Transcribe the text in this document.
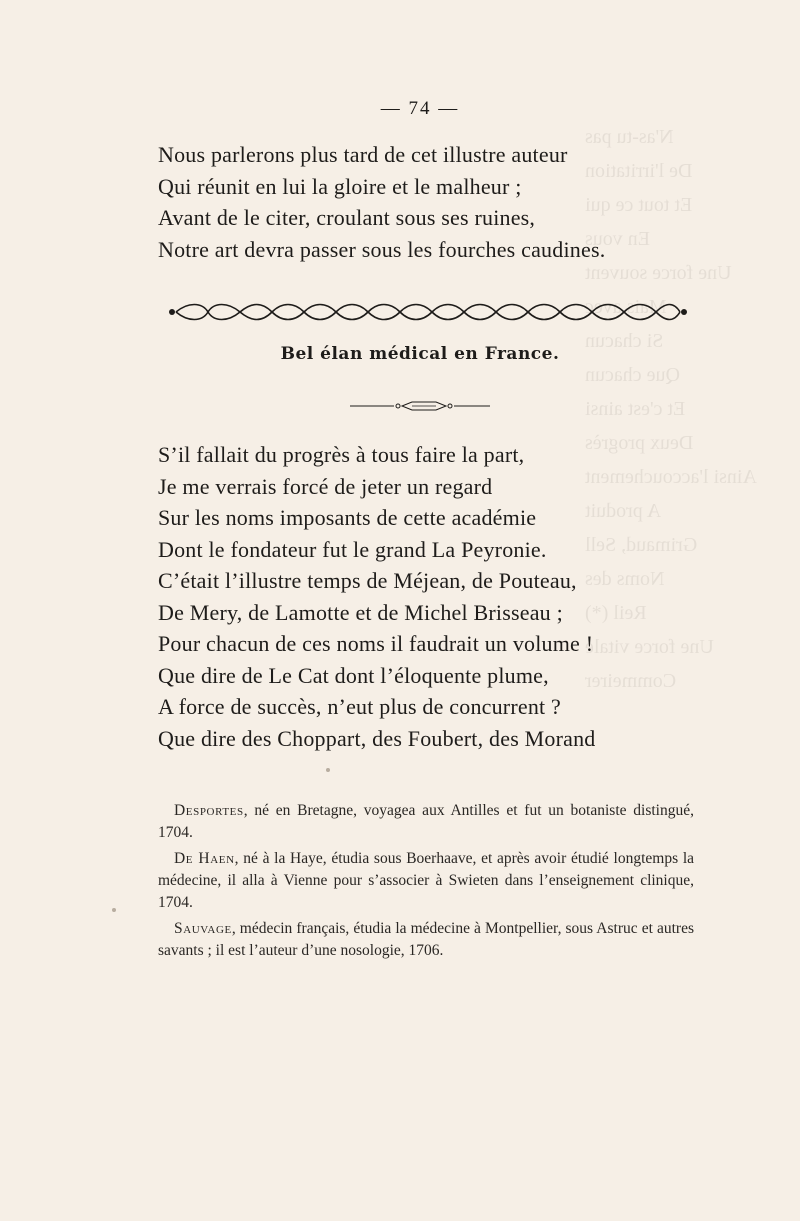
N'as-tu pas
De l'irritation
Et tout ce qui
En vous
Une force souvent
Mais avec
Si chacun
Que chacun
Et c'est ainsi
Deux progrès
Ainsi l'accouchement
A produit
Grimaud, Sell
Noms des
Reil (*)
Une force vitale
Commeirer
— 74 —
Nous parlerons plus tard de cet illustre auteur
Qui réunit en lui la gloire et le malheur ;
Avant de le citer, croulant sous ses ruines,
Notre art devra passer sous les fourches caudines.
Bel élan médical en France.
S’il fallait du progrès à tous faire la part,
Je me verrais forcé de jeter un regard
Sur les noms imposants de cette académie
Dont le fondateur fut le grand La Peyronie.
C’était l’illustre temps de Méjean, de Pouteau,
De Mery, de Lamotte et de Michel Brisseau ;
Pour chacun de ces noms il faudrait un volume !
Que dire de Le Cat dont l’éloquente plume,
A force de succès, n’eut plus de concurrent ?
Que dire des Choppart, des Foubert, des Morand

Desportes, né en Bretagne, voyagea aux Antilles et fut un botaniste distingué, 1704.

De Haen, né à la Haye, étudia sous Boerhaave, et après avoir étudié longtemps la médecine, il alla à Vienne pour s’associer à Swieten dans l’enseignement clinique, 1704.

Sauvage, médecin français, étudia la médecine à Montpellier, sous Astruc et autres savants ; il est l’auteur d’une nosologie, 1706.
